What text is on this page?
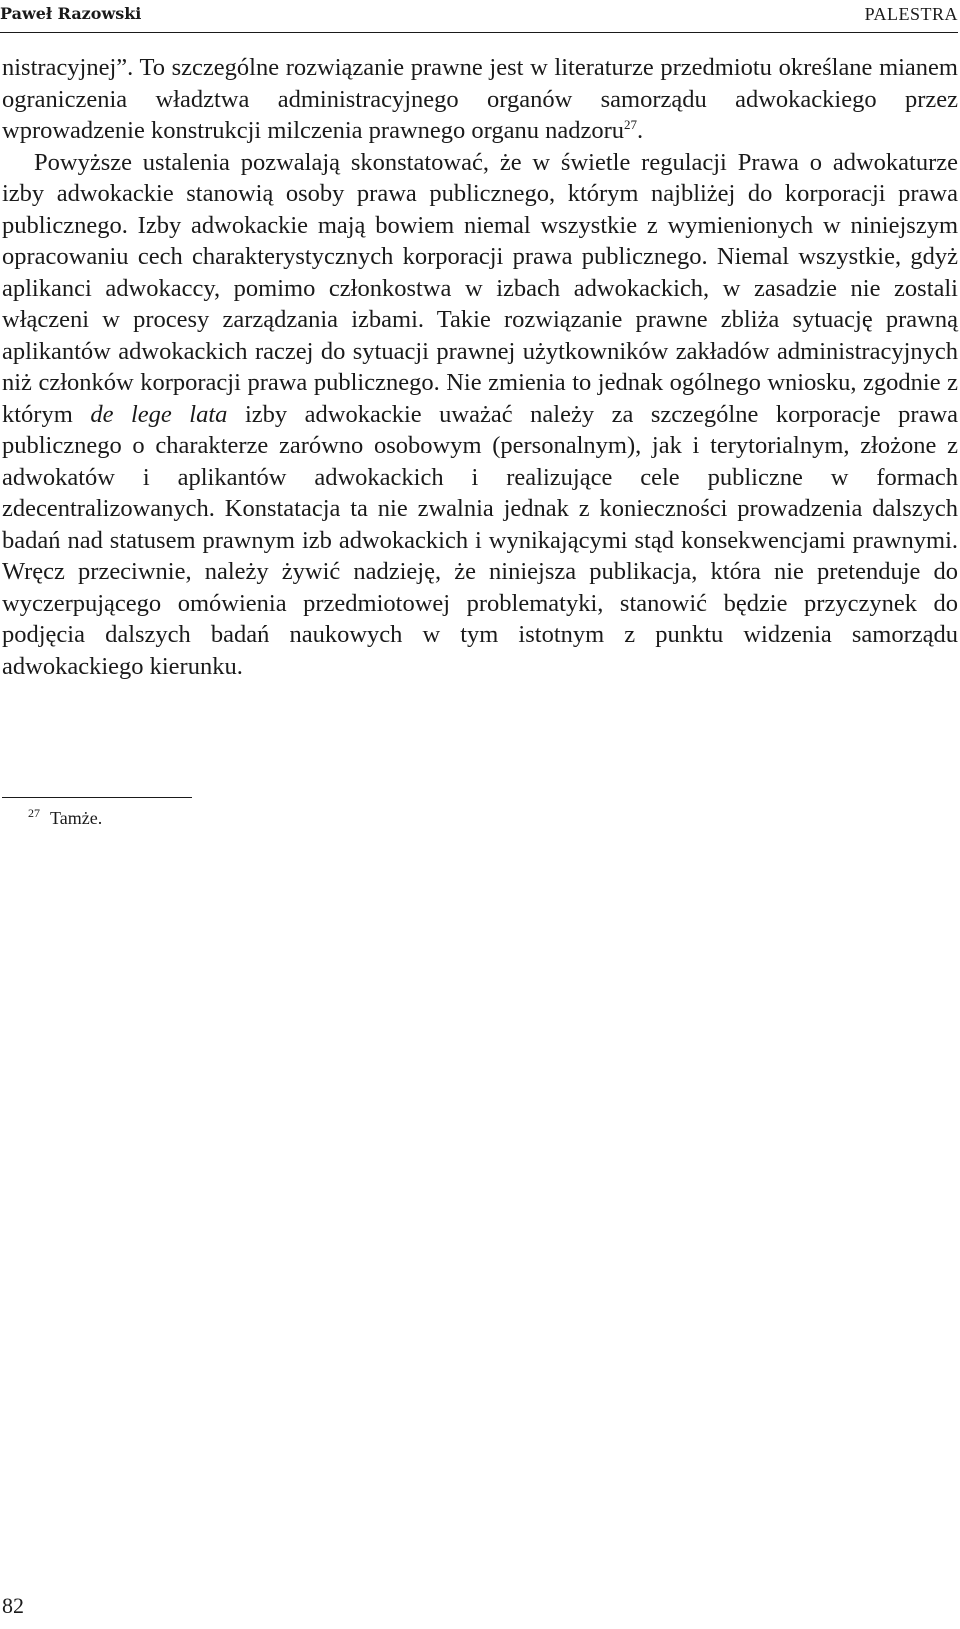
Paweł Razowski	PALESTRA

nistracyjnej”. To szczególne rozwiązanie prawne jest w literaturze przedmiotu określane mianem ograniczenia władztwa administracyjnego organów samorządu adwokackiego przez wprowadzenie konstrukcji milczenia prawnego organu nadzoru$^{27}$.

Powyższe ustalenia pozwalają skonstatować, że w świetle regulacji Prawa o adwokaturze izby adwokackie stanowią osoby prawa publicznego, którym najbliżej do korporacji prawa publicznego. Izby adwokackie mają bowiem niemal wszystkie z wymienionych w niniejszym opracowaniu cech charakterystycznych korporacji prawa publicznego. Niemal wszystkie, gdyż aplikanci adwokaccy, pomimo członkostwa w izbach adwokackich, w zasadzie nie zostali włączeni w procesy zarządzania izbami. Takie rozwiązanie prawne zbliża sytuację prawną aplikantów adwokackich raczej do sytuacji prawnej użytkowników zakładów administracyjnych niż członków korporacji prawa publicznego. Nie zmienia to jednak ogólnego wniosku, zgodnie z którym de lege lata izby adwokackie uważać należy za szczególne korporacje prawa publicznego o charakterze zarówno osobowym (personalnym), jak i terytorialnym, złożone z adwokatów i aplikantów adwokackich i realizujące cele publiczne w formach zdecentralizowanych. Konstatacja ta nie zwalnia jednak z konieczności prowadzenia dalszych badań nad statusem prawnym izb adwokackich i wynikającymi stąd konsekwencjami prawnymi. Wręcz przeciwnie, należy żywić nadzieję, że niniejsza publikacja, która nie pretenduje do wyczerpującego omówienia przedmiotowej problematyki, stanowić będzie przyczynek do podjęcia dalszych badań naukowych w tym istotnym z punktu widzenia samorządu adwokackiego kierunku.

$^{27}$ Tamże.
82
